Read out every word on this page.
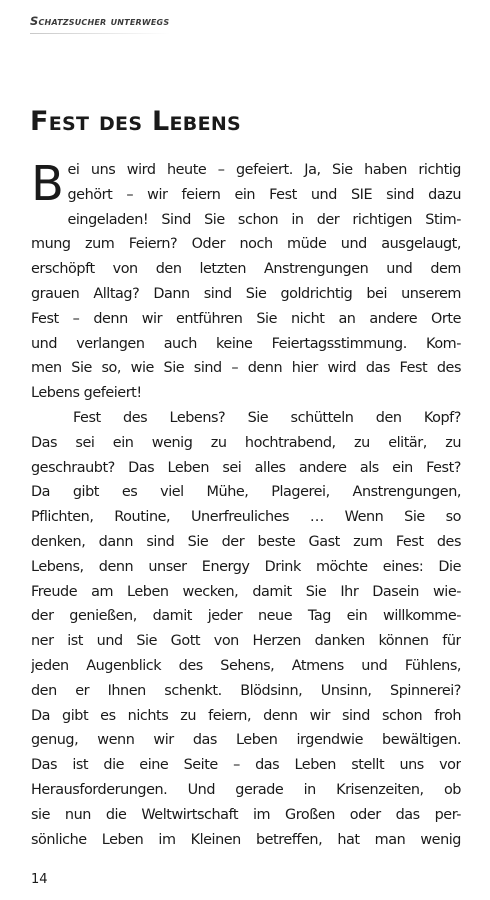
Schatzsucher unterwegs
Fest des Lebens
B ei uns wird heute – gefeiert. Ja, Sie haben richtig
gehört – wir feiern ein Fest und SIE sind dazu
eingeladen! Sind Sie schon in der richtigen Stim-
mung zum Feiern? Oder noch müde und ausgelaugt,
erschöpft von den letzten Anstrengungen und dem
grauen Alltag? Dann sind Sie goldrichtig bei unserem
Fest – denn wir entführen Sie nicht an andere Orte
und verlangen auch keine Feiertagsstimmung. Kom-
men Sie so, wie Sie sind – denn hier wird das Fest des
Lebens gefeiert!
Fest des Lebens? Sie schütteln den Kopf?
Das sei ein wenig zu hochtrabend, zu elitär, zu
geschraubt? Das Leben sei alles andere als ein Fest?
Da gibt es viel Mühe, Plagerei, Anstrengungen,
Pflichten, Routine, Unerfreuliches … Wenn Sie so
denken, dann sind Sie der beste Gast zum Fest des
Lebens, denn unser Energy Drink möchte eines: Die
Freude am Leben wecken, damit Sie Ihr Dasein wie-
der genießen, damit jeder neue Tag ein willkomme-
ner ist und Sie Gott von Herzen danken können für
jeden Augenblick des Sehens, Atmens und Fühlens,
den er Ihnen schenkt. Blödsinn, Unsinn, Spinnerei?
Da gibt es nichts zu feiern, denn wir sind schon froh
genug, wenn wir das Leben irgendwie bewältigen.
Das ist die eine Seite – das Leben stellt uns vor
Herausforderungen. Und gerade in Krisenzeiten, ob
sie nun die Weltwirtschaft im Großen oder das per-
sönliche Leben im Kleinen betreffen, hat man wenig
14
